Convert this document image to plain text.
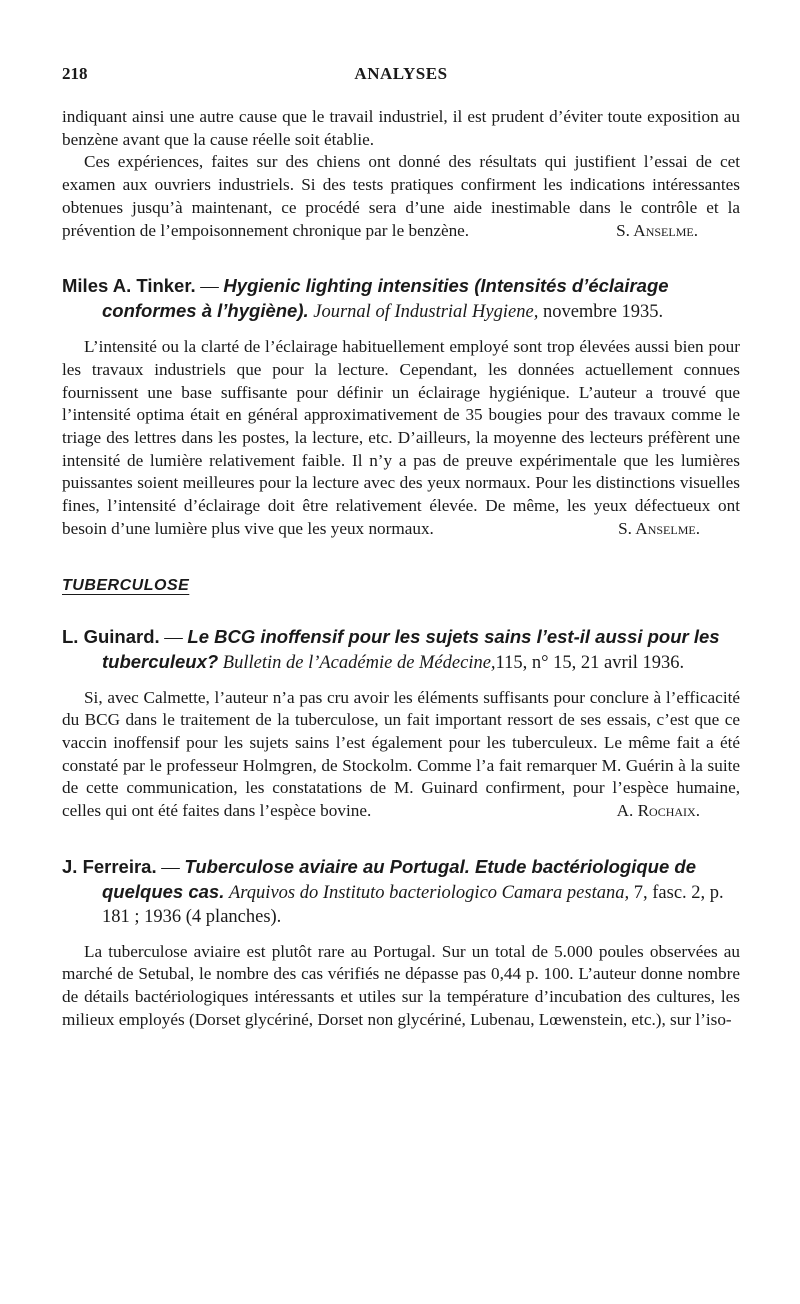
218	ANALYSES

indiquant ainsi une autre cause que le travail industriel, il est prudent d’éviter toute exposition au benzène avant que la cause réelle soit établie.

Ces expériences, faites sur des chiens ont donné des résultats qui justifient l’essai de cet examen aux ouvriers industriels. Si des tests pratiques confirment les indications intéressantes obtenues jusqu’à maintenant, ce procédé sera d’une aide inestimable dans le contrôle et la prévention de l’empoisonnement chronique par le benzène.	S. Anselme.

Miles A. Tinker. — Hygienic lighting intensities (Intensités d’éclairage conformes à l’hygiène). Journal of Industrial Hygiene, novembre 1935.

L’intensité ou la clarté de l’éclairage habituellement employé sont trop élevées aussi bien pour les travaux industriels que pour la lecture. Cependant, les données actuellement connues fournissent une base suffisante pour définir un éclairage hygiénique. L’auteur a trouvé que l’intensité optima était en général approximativement de 35 bougies pour des travaux comme le triage des lettres dans les postes, la lecture, etc. D’ailleurs, la moyenne des lecteurs préfèrent une intensité de lumière relativement faible. Il n’y a pas de preuve expérimentale que les lumières puissantes soient meilleures pour la lecture avec des yeux normaux. Pour les distinctions visuelles fines, l’intensité d’éclairage doit être relativement élevée. De même, les yeux défectueux ont besoin d’une lumière plus vive que les yeux normaux.	S. Anselme.

TUBERCULOSE

L. Guinard. — Le BCG inoffensif pour les sujets sains l’est-il aussi pour les tuberculeux? Bulletin de l’Académie de Médecine,115, n° 15, 21 avril 1936.

Si, avec Calmette, l’auteur n’a pas cru avoir les éléments suffisants pour conclure à l’efficacité du BCG dans le traitement de la tuberculose, un fait important ressort de ses essais, c’est que ce vaccin inoffensif pour les sujets sains l’est également pour les tuberculeux. Le même fait a été constaté par le professeur Holmgren, de Stockolm. Comme l’a fait remarquer M. Guérin à la suite de cette communication, les constatations de M. Guinard confirment, pour l’espèce humaine, celles qui ont été faites dans l’espèce bovine.	A. Rochaix.

J. Ferreira. — Tuberculose aviaire au Portugal. Etude bactériologique de quelques cas. Arquivos do Instituto bacteriologico Camara pestana, 7, fasc. 2, p. 181 ; 1936 (4 planches).

La tuberculose aviaire est plutôt rare au Portugal. Sur un total de 5.000 poules observées au marché de Setubal, le nombre des cas vérifiés ne dépasse pas 0,44 p. 100. L’auteur donne nombre de détails bactériologiques intéressants et utiles sur la température d’incubation des cultures, les milieux employés (Dorset glycériné, Dorset non glycériné, Lubenau, Lœwenstein, etc.), sur l’iso-
